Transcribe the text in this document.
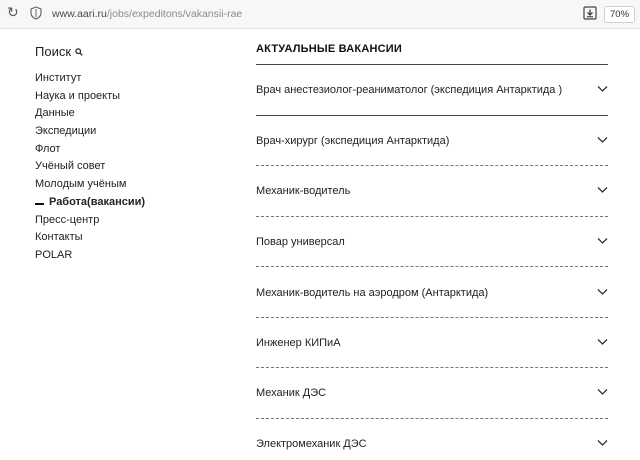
↻	www.aari.ru/jobs/expeditons/vakansii-rae	70%
Поиск
Институт
Наука и проекты
Данные
Экспедиции
Флот
Учёный совет
Молодым учёным
Работа(вакансии)
Пресс-центр
Контакты
POLAR
АКТУАЛЬНЫЕ ВАКАНСИИ
Врач анестезиолог-реаниматолог (экспедиция Антарктида )
Врач-хирург (экспедиция Антарктида)
Механик-водитель
Повар универсал
Механик-водитель на аэродром (Антарктида)
Инженер КИПиА
Механик ДЭС
Электромеханик ДЭС
